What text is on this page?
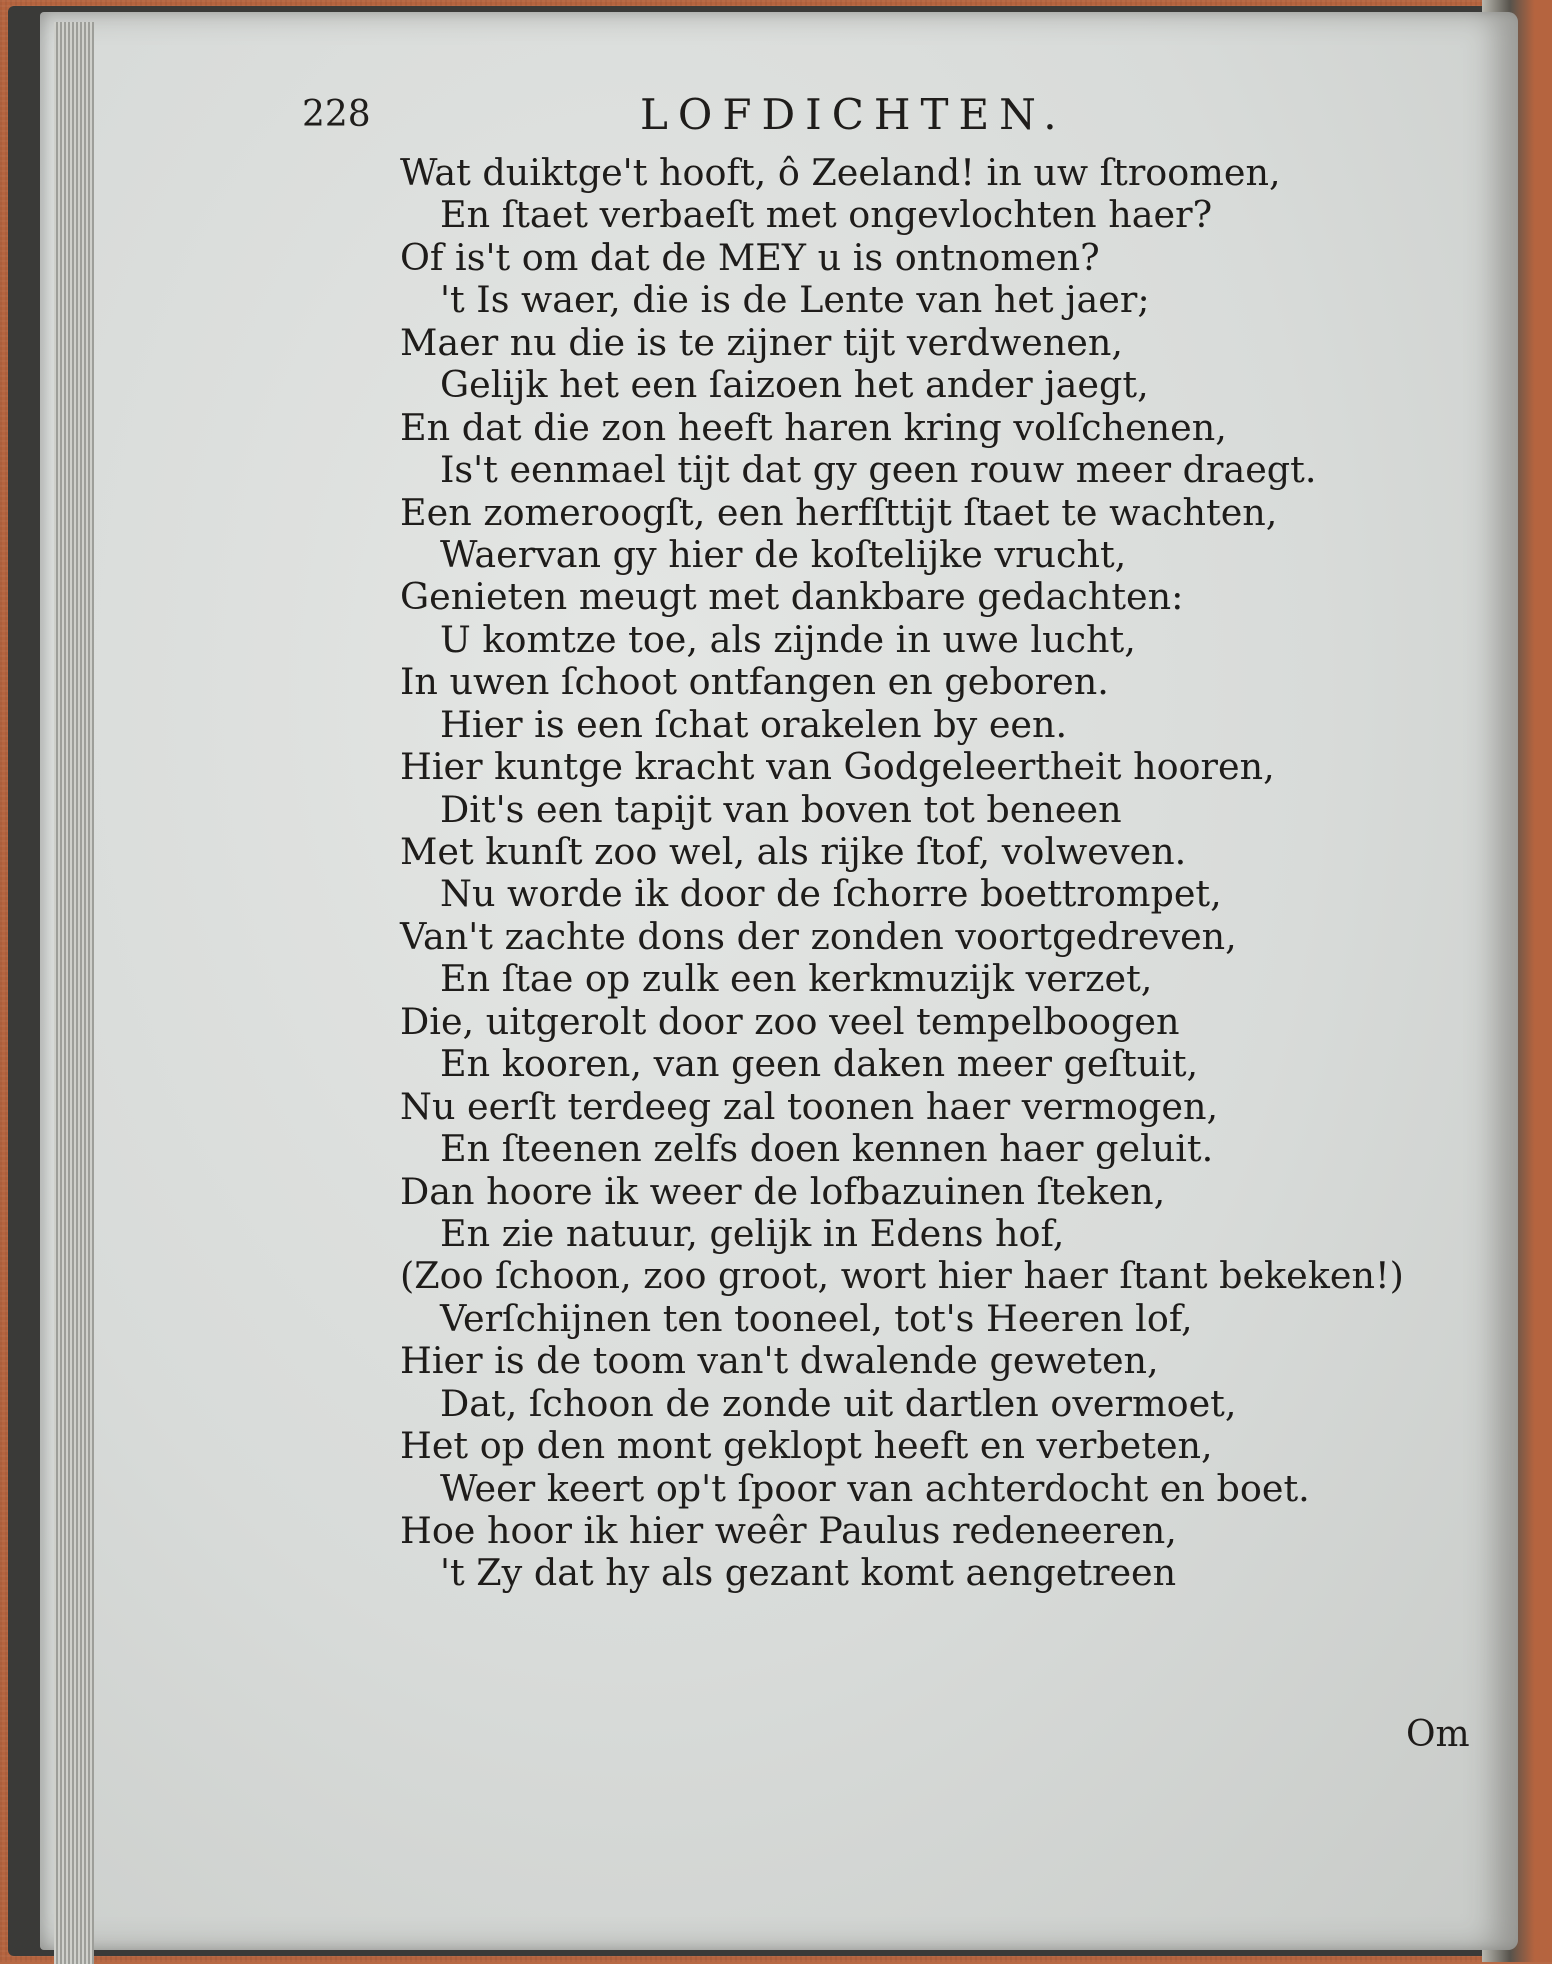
228	LOFDICHTEN.
Wat duiktge't hooft, ô Zeeland! in uw ſtroomen,
En ſtaet verbaeſt met ongevlochten haer?
Of is't om dat de MEY u is ontnomen?
't Is waer, die is de Lente van het jaer;
Maer nu die is te zijner tijt verdwenen,
Gelijk het een ſaizoen het ander jaegt,
En dat die zon heeft haren kring volſchenen,
Is't eenmael tijt dat gy geen rouw meer draegt.
Een zomeroogſt, een herfſttijt ſtaet te wachten,
Waervan gy hier de koſtelijke vrucht,
Genieten meugt met dankbare gedachten:
U komtze toe, als zijnde in uwe lucht,
In uwen ſchoot ontfangen en geboren.
Hier is een ſchat orakelen by een.
Hier kuntge kracht van Godgeleertheit hooren,
Dit's een tapijt van boven tot beneen
Met kunſt zoo wel, als rijke ſtof, volweven.
Nu worde ik door de ſchorre boettrompet,
Van't zachte dons der zonden voortgedreven,
En ſtae op zulk een kerkmuzijk verzet,
Die, uitgerolt door zoo veel tempelboogen
En kooren, van geen daken meer geſtuit,
Nu eerſt terdeeg zal toonen haer vermogen,
En ſteenen zelfs doen kennen haer geluit.
Dan hoore ik weer de lofbazuinen ſteken,
En zie natuur, gelijk in Edens hof,
(Zoo ſchoon, zoo groot, wort hier haer ſtant bekeken!)
Verſchijnen ten tooneel, tot's Heeren lof,
Hier is de toom van't dwalende geweten,
Dat, ſchoon de zonde uit dartlen overmoet,
Het op den mont geklopt heeft en verbeten,
Weer keert op't ſpoor van achterdocht en boet.
Hoe hoor ik hier weêr Paulus redeneeren,
't Zy dat hy als gezant komt aengetreen
Om
